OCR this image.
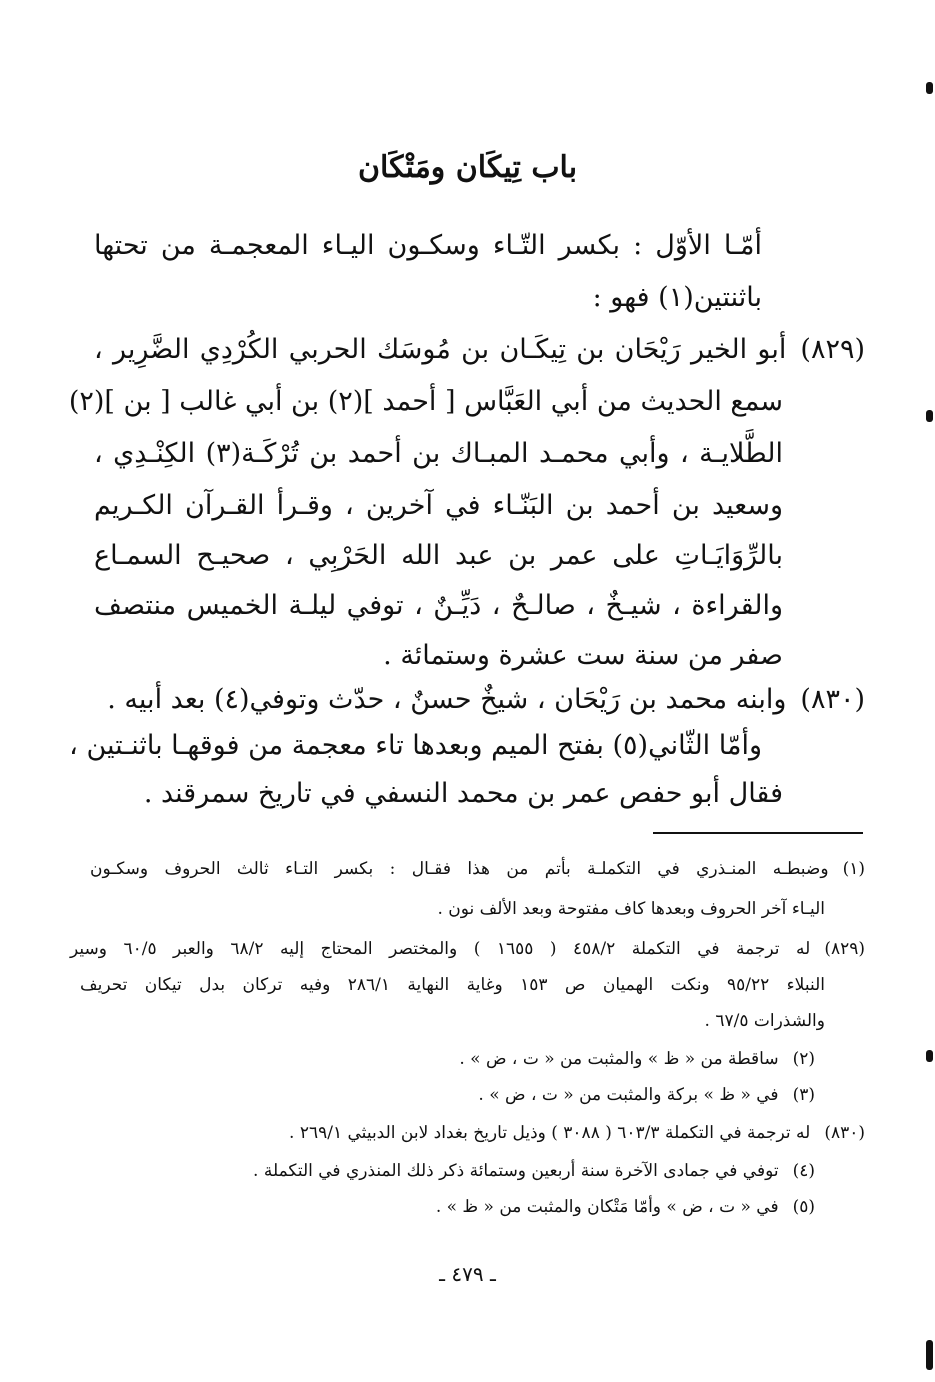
باب تِيكَان ومَتْكَان
أمّـا الأوّل : بكسر التّـاء وسكـون اليـاء المعجمـة من تحتها
باثنتين(١) فهو :
(٨٢٩)أبو الخير رَيْحَان بن تِيكَـان بن مُوسَك الحربي الكُرْدِي الضَّرِير ،
سمع الحديث من أبي العَبَّاس [ أحمد ](٢) بن أبي غالب [ بن ](٢)
الطَّلايـة ، وأبي محمـد المبـاك بن أحمد بن تُرْكَـة(٣) الكِنْـدِي ،
وسعيد بن أحمد بن البَنّـاء في آخرين ، وقـرأ القـرآن الكـريم
بالرِّوَايَـاتِ على عمر بن عبد الله الحَرْبِي ، صحيـح السمـاع
والقراءة ، شيـخٌ ، صالـحٌ ، دَيِّـنٌ ، توفي ليلـة الخميس منتصف
صفر من سنة ست عشرة وستمائة .
(٨٣٠)وابنه محمد بن رَيْحَان ، شيخٌ حسنٌ ، حدّث وتوفي(٤) بعد أبيه .
وأمّا الثّاني(٥) بفتح الميم وبعدها تاء معجمة من فوقهـا باثنـتين ،
فقال أبو حفص عمر بن محمد النسفي في تاريخ سمرقند .
(١)وضبطـه المنـذري في التكملـة بأتم من هذا فقـال : بكسر التـاء ثالث الحروف وسكـون
اليـاء آخر الحروف وبعدها كاف مفتوحة وبعد الألف نون .
(٨٢٩)له ترجمة في التكملة ٤٥٨/٢ ( ١٦٥٥ ) والمختصر المحتاج إليه ٦٨/٢ والعبر ٦٠/٥ وسير
النبلاء ٩٥/٢٢ ونكت الهميان ص ١٥٣ وغاية النهاية ٢٨٦/١ وفيه تركان بدل تيكان تحريف
والشذرات ٦٧/٥ .
(٢)ساقطة من « ظ » والمثبت من « ت ، ض » .
(٣)في « ظ » بركة والمثبت من « ت ، ض » .
(٨٣٠)له ترجمة في التكملة ٦٠٣/٣ ( ٣٠٨٨ ) وذيل تاريخ بغداد لابن الدبيثي ٢٦٩/١ .
(٤)توفي في جمادى الآخرة سنة أربعين وستمائة ذكر ذلك المنذري في التكملة .
(٥)في « ت ، ض » وأمّا مَتْكان والمثبت من « ظ » .
ـ ٤٧٩ ـ
